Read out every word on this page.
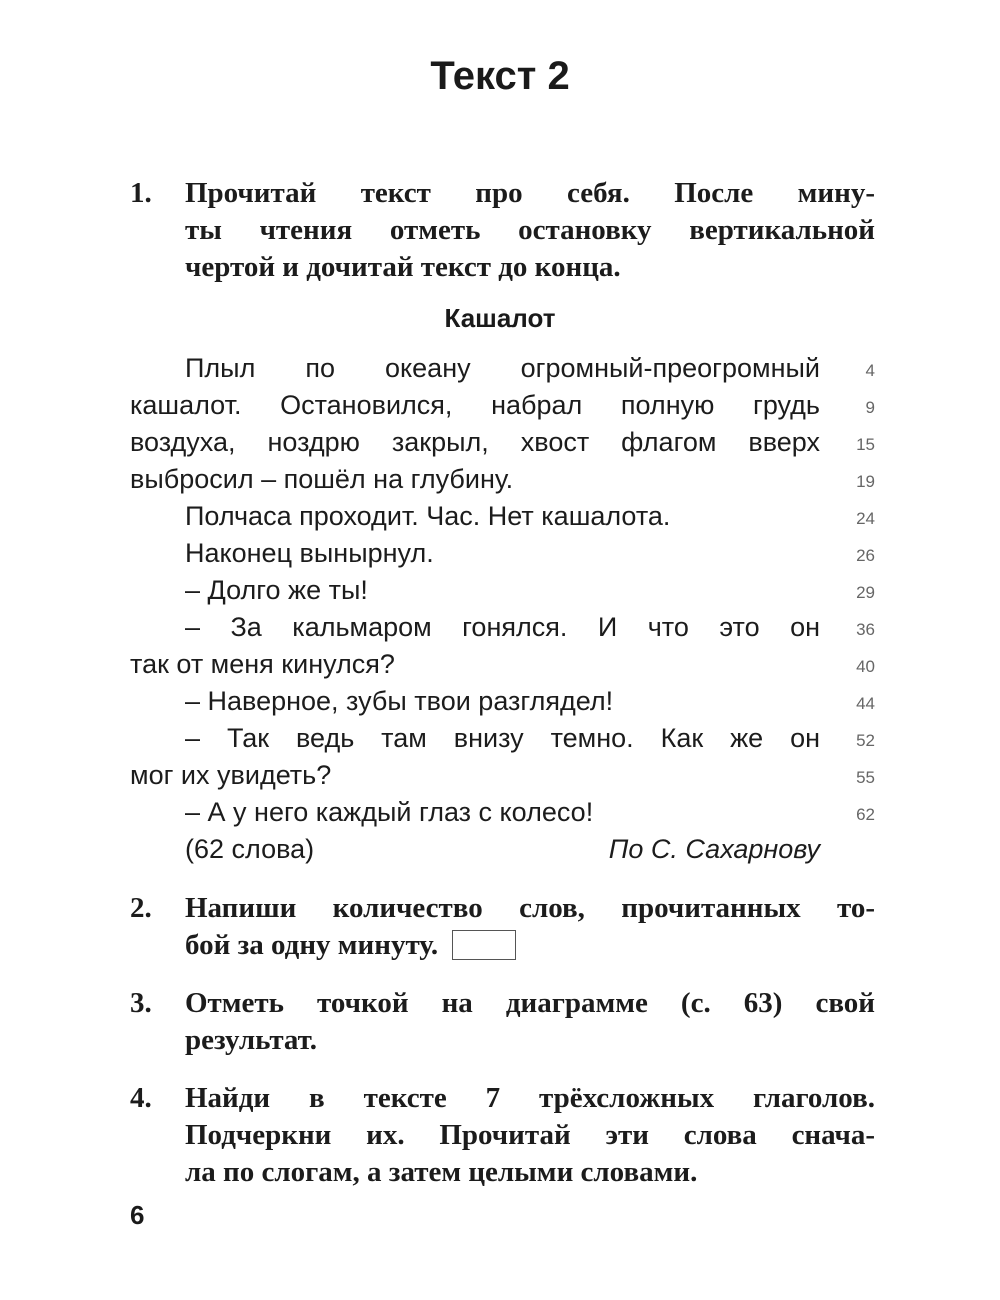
Текст 2
1.	Прочитай текст про себя. После мину-
ты чтения отметь остановку вертикальной
чертой и дочитай текст до конца.
Кашалот
Плыл по океану огромный-преогромный	4
кашалот. Остановился, набрал полную грудь	9
воздуха, ноздрю закрыл, хвост флагом вверх	15
выбросил – пошёл на глубину.	19
Полчаса проходит. Час. Нет кашалота.	24
Наконец вынырнул.	26
– Долго же ты!	29
– За кальмаром гонялся. И что это он	36
так от меня кинулся?	40
– Наверное, зубы твои разглядел!	44
– Так ведь там внизу темно. Как же он	52
мог их увидеть?	55
– А у него каждый глаз с колесо!	62
(62 слова)	По С. Сахарнову
2.	Напиши количество слов, прочитанных то-
бой за одну минуту.
3.	Отметь точкой на диаграмме (с. 63) свой
результат.
4.	Найди в тексте 7 трёхсложных глаголов.
Подчеркни их. Прочитай эти слова снача-
ла по слогам, а затем целыми словами.
6
